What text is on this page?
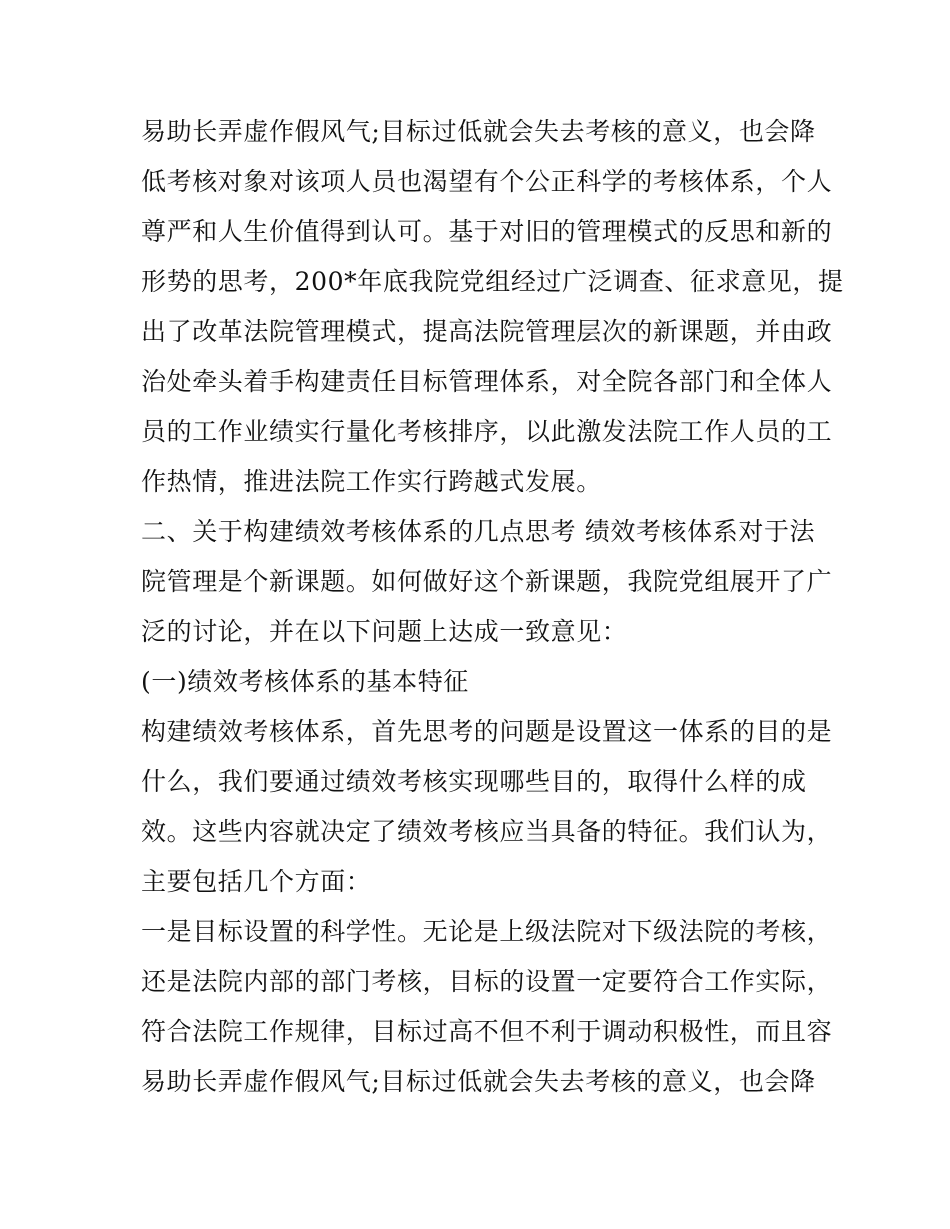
易助长弄虚作假风气;目标过低就会失去考核的意义，也会降
低考核对象对该项人员也渴望有个公正科学的考核体系，个人
尊严和人生价值得到认可。基于对旧的管理模式的反思和新的
形势的思考，200*年底我院党组经过广泛调查、征求意见，提
出了改革法院管理模式，提高法院管理层次的新课题，并由政
治处牵头着手构建责任目标管理体系，对全院各部门和全体人
员的工作业绩实行量化考核排序，以此激发法院工作人员的工
作热情，推进法院工作实行跨越式发展。
二、关于构建绩效考核体系的几点思考 绩效考核体系对于法
院管理是个新课题。如何做好这个新课题，我院党组展开了广
泛的讨论，并在以下问题上达成一致意见：
(一)绩效考核体系的基本特征
构建绩效考核体系，首先思考的问题是设置这一体系的目的是
什么，我们要通过绩效考核实现哪些目的，取得什么样的成
效。这些内容就决定了绩效考核应当具备的特征。我们认为，
主要包括几个方面：
一是目标设置的科学性。无论是上级法院对下级法院的考核，
还是法院内部的部门考核，目标的设置一定要符合工作实际，
符合法院工作规律，目标过高不但不利于调动积极性，而且容
易助长弄虚作假风气;目标过低就会失去考核的意义，也会降
